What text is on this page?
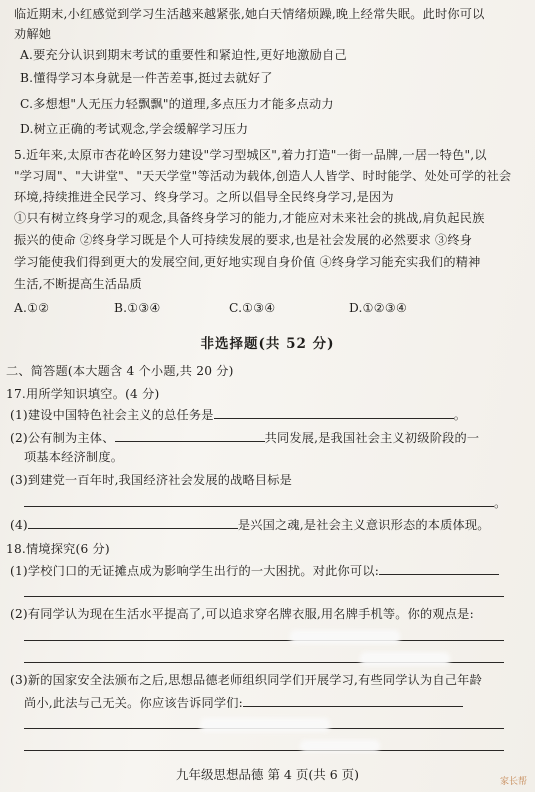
临近期末,小红感觉到学习生活越来越紧张,她白天情绪烦躁,晚上经常失眠。此时你可以
劝解她
A.要充分认识到期末考试的重要性和紧迫性,更好地激励自己
B.懂得学习本身就是一件苦差事,挺过去就好了
C.多想想"人无压力轻飘飘"的道理,多点压力才能多点动力
D.树立正确的考试观念,学会缓解学习压力
5.近年来,太原市杏花岭区努力建设"学习型城区",着力打造"一街一品牌,一居一特色",以
"学习周"、"大讲堂"、"天天学堂"等活动为载体,创造人人皆学、时时能学、处处可学的社会
环境,持续推进全民学习、终身学习。之所以倡导全民终身学习,是因为
①只有树立终身学习的观念,具备终身学习的能力,才能应对未来社会的挑战,肩负起民族
振兴的使命 ②终身学习既是个人可持续发展的要求,也是社会发展的必然要求 ③终身
学习能使我们得到更大的发展空间,更好地实现自身价值 ④终身学习能充实我们的精神
生活,不断提高生活品质
A.①②	B.①③④	C.①③④	D.①②③④
非选择题(共 52 分)
二、简答题(本大题含 4 个小题,共 20 分)
17.用所学知识填空。(4 分)
(1)建设中国特色社会主义的总任务是	。
(2)公有制为主体、	共同发展,是我国社会主义初级阶段的一
项基本经济制度。
(3)到建党一百年时,我国经济社会发展的战略目标是
。
(4)	是兴国之魂,是社会主义意识形态的本质体现。
18.情境探究(6 分)
(1)学校门口的无证摊点成为影响学生出行的一大困扰。对此你可以:
(2)有同学认为现在生活水平提高了,可以追求穿名牌衣服,用名牌手机等。你的观点是:
(3)新的国家安全法颁布之后,思想品德老师组织同学们开展学习,有些同学认为自己年龄
尚小,此法与己无关。你应该告诉同学们:
九年级思想品德 第 4 页(共 6 页)	家长帮
